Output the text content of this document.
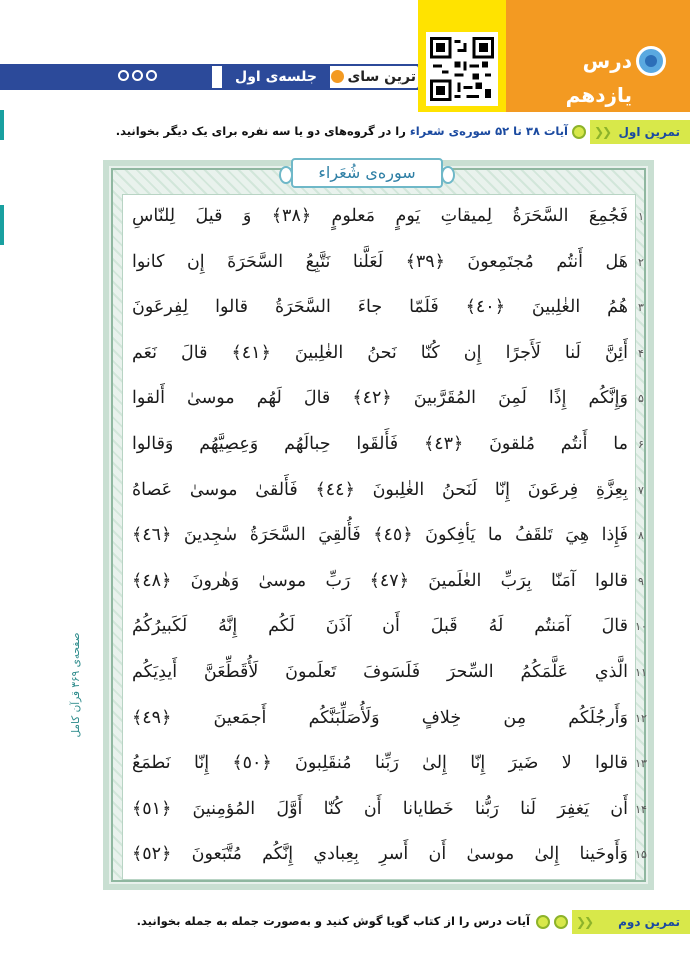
جلسه‌ی اول	ترین سای
درس یازدهم
❮❮ تمرین اول
آیات ۳۸ تا ۵۲ سوره‌ی شعراء را در گروه‌های دو یا سه نفره برای یک دیگر بخوانید.
سوره‌ی شُعَراء
فَجُمِعَ السَّحَرَةُ لِميقاتِ يَومٍ مَعلومٍ ﴿٣٨﴾ وَ قيلَ لِلنّاسِ ۱
هَل أَنتُم مُجتَمِعونَ ﴿٣٩﴾ لَعَلَّنا نَتَّبِعُ السَّحَرَةَ إِن كانوا ۲
هُمُ الغٰلِبينَ ﴿٤٠﴾ فَلَمّا جاءَ السَّحَرَةُ قالوا لِفِرعَونَ ۳
أَئِنَّ لَنا لَأَجرًا إِن كُنّا نَحنُ الغٰلِبينَ ﴿٤١﴾ قالَ نَعَم ۴
وَإِنَّكُم إِذًا لَمِنَ المُقَرَّبينَ ﴿٤٢﴾ قالَ لَهُم موسىٰ أَلقوا ۵
ما أَنتُم مُلقونَ ﴿٤٣﴾ فَأَلقَوا حِبالَهُم وَعِصِيَّهُم وَقالوا ۶
بِعِزَّةِ فِرعَونَ إِنّا لَنَحنُ الغٰلِبونَ ﴿٤٤﴾ فَأَلقىٰ موسىٰ عَصاهُ ۷
فَإِذا هِيَ تَلقَفُ ما يَأفِكونَ ﴿٤٥﴾ فَأُلقِيَ السَّحَرَةُ سٰجِدينَ ﴿٤٦﴾ ۸
قالوا آمَنّا بِرَبِّ العٰلَمينَ ﴿٤٧﴾ رَبِّ موسىٰ وَهٰرونَ ﴿٤٨﴾ ۹
قالَ آمَنتُم لَهُ قَبلَ أَن آذَنَ لَكُم إِنَّهُ لَكَبيرُكُمُ ۱۰
الَّذي عَلَّمَكُمُ السِّحرَ فَلَسَوفَ تَعلَمونَ لَأُقَطِّعَنَّ أَيدِيَكُم ۱۱
وَأَرجُلَكُم مِن خِلافٍ وَلَأُصَلِّبَنَّكُم أَجمَعينَ ﴿٤٩﴾ ۱۲
قالوا لا ضَيرَ إِنّا إِلىٰ رَبِّنا مُنقَلِبونَ ﴿٥٠﴾ إِنّا نَطمَعُ ۱۳
أَن يَغفِرَ لَنا رَبُّنا خَطايانا أَن كُنّا أَوَّلَ المُؤمِنينَ ﴿٥١﴾ ۱۴
وَأَوحَينا إِلىٰ موسىٰ أَن أَسرِ بِعِبادي إِنَّكُم مُتَّبَعونَ ﴿٥٢﴾ ۱۵
صفحه‌ی ۳۶۹ قرآن کامل
❮❮ تمرین دوم
آیات درس را از کتاب گویا گوش کنید و به‌صورت جمله به جمله بخوانید.
